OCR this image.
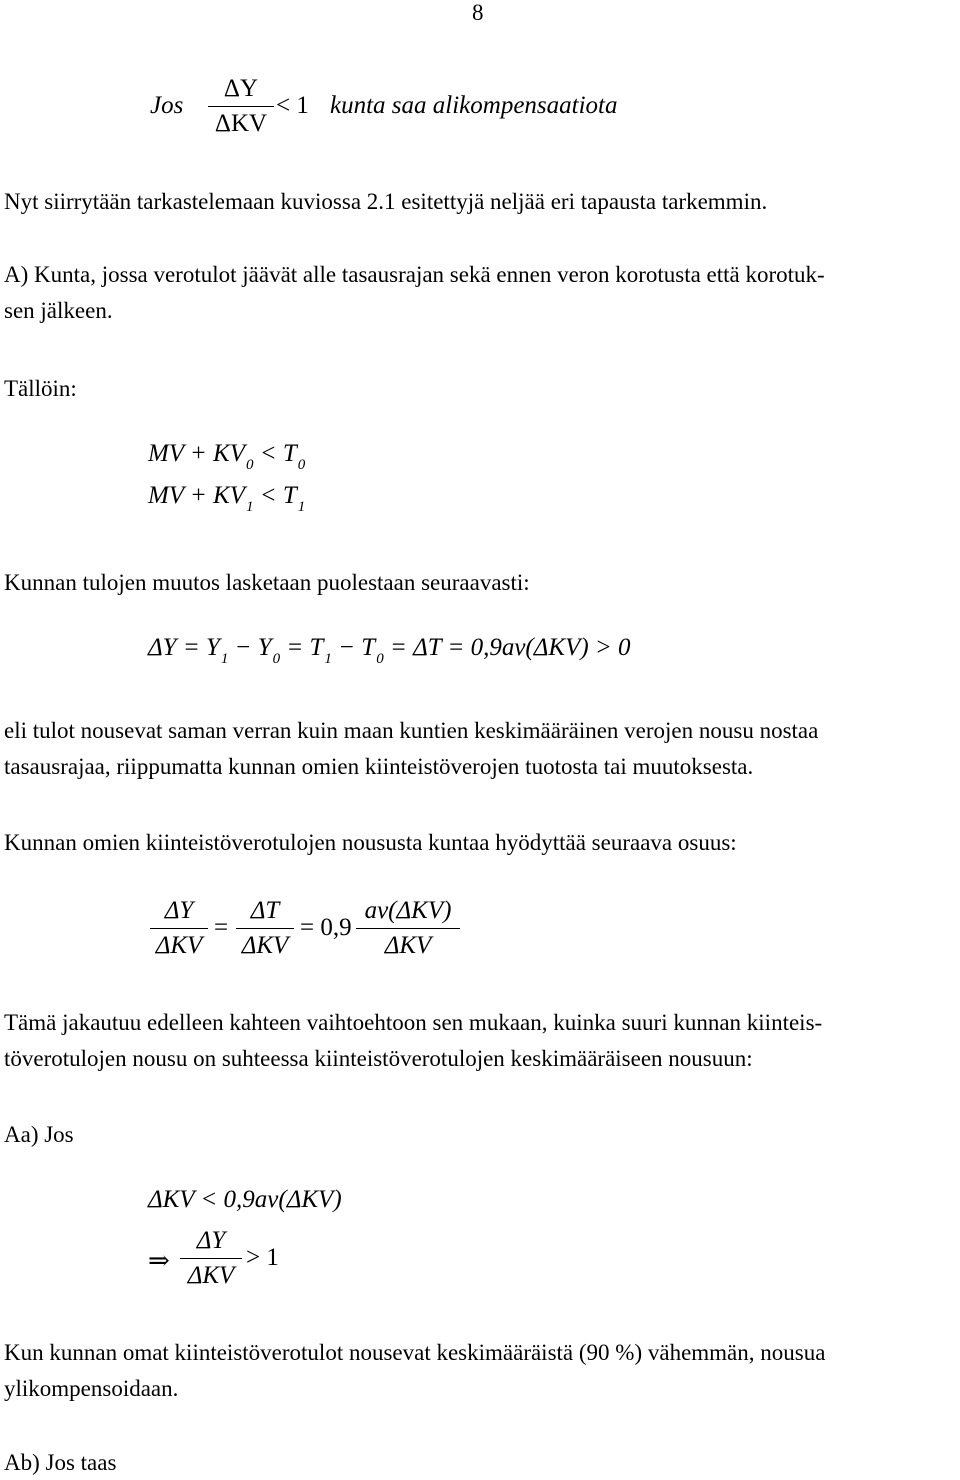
8
Jos
ΔY
ΔKV
< 1 kunta saa alikompensaatiota
Nyt siirrytään tarkastelemaan kuviossa 2.1 esitettyjä neljää eri tapausta tarkemmin.
A) Kunta, jossa verotulot jäävät alle tasausrajan sekä ennen veron korotusta että korotuk-
sen jälkeen.
Tällöin:
MV + $KV_0 < T_0$
MV + $KV_1 < T_1$
Kunnan tulojen muutos lasketaan puolestaan seuraavasti:
$\Delta Y = Y_1 - Y_0 = T_1 - T_0 = \Delta T = 0,9av(\Delta KV) > 0$
eli tulot nousevat saman verran kuin maan kuntien keskimääräinen verojen nousu nostaa
tasausrajaa, riippumatta kunnan omien kiinteistöverojen tuotosta tai muutoksesta.
Kunnan omien kiinteistöverotulojen noususta kuntaa hyödyttää seuraava osuus:
ΔY
ΔKV
=
ΔT
ΔKV
= 0,9
av(ΔKV)
ΔKV
Tämä jakautuu edelleen kahteen vaihtoehtoon sen mukaan, kuinka suuri kunnan kiinteis-
töverotulojen nousu on suhteessa kiinteistöverotulojen keskimääräiseen nousuun:
Aa) Jos
ΔKV < 0,9av(ΔKV)
⇒
ΔY
ΔKV
> 1
Kun kunnan omat kiinteistöverotulot nousevat keskimääräistä (90 %) vähemmän, nousua
ylikompensoidaan.
Ab) Jos taas
